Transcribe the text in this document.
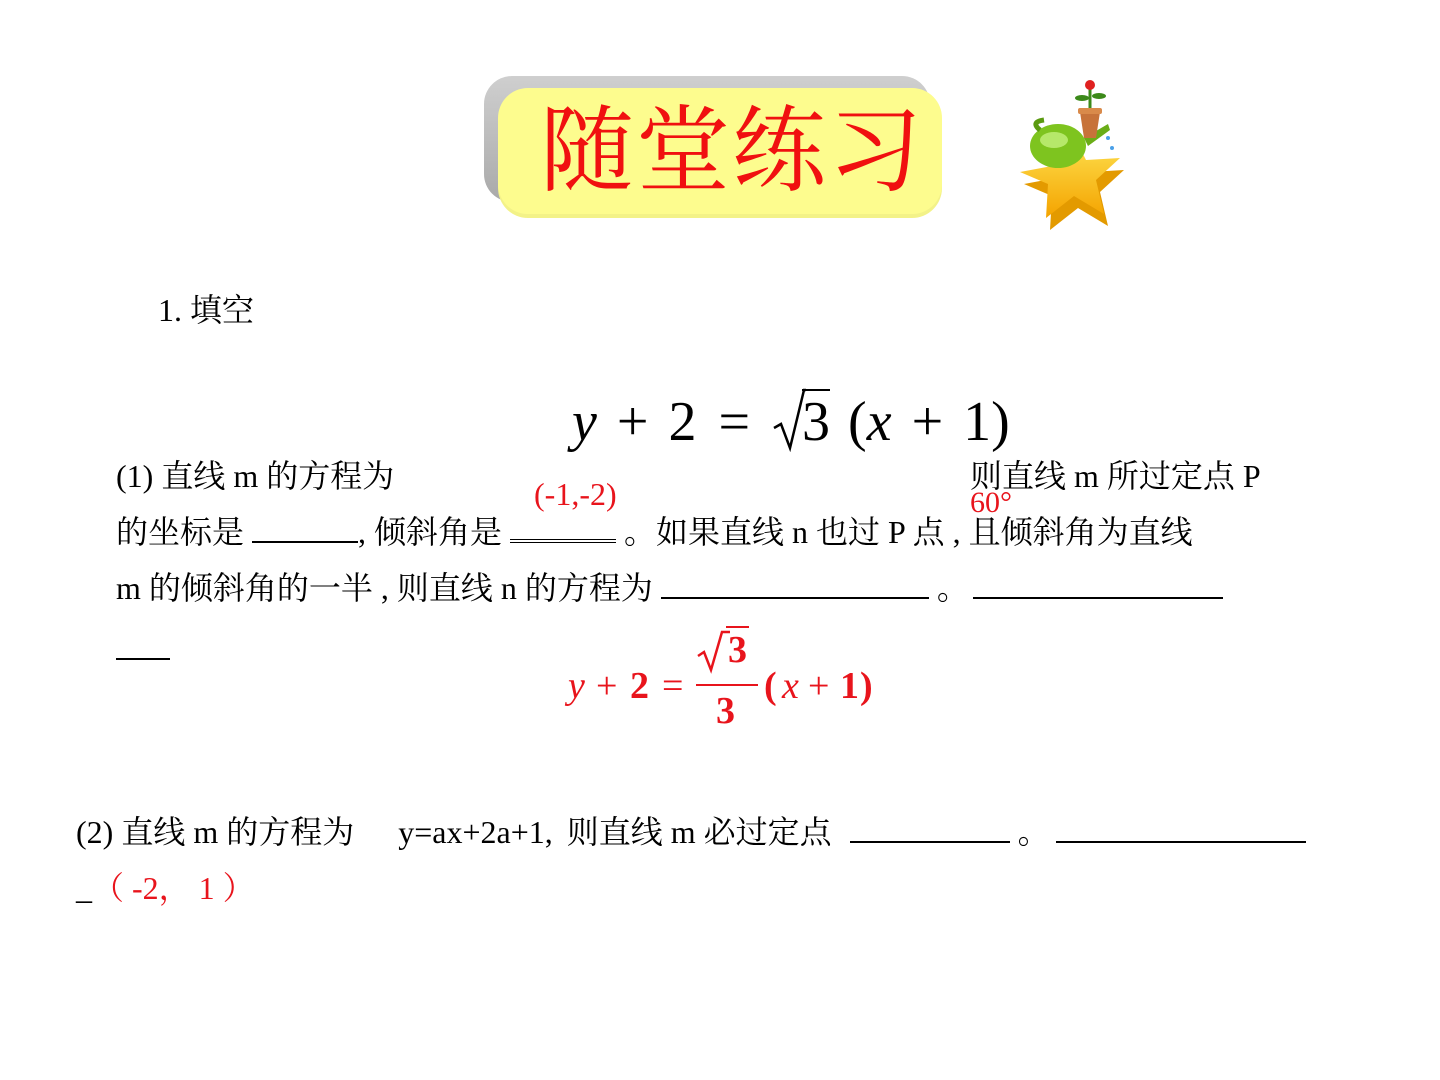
随堂练习
1. 填空
y + 2 = 3 (x + 1)
(1) 直线 m 的方程为	(-1,-2)	则直线 m 所过定点 P
60°
的坐标是	, 倾斜角是	。如果直线 n 也过 P 点 , 且倾斜角为直线
m 的倾斜角的一半 , 则直线 n 的方程为	。
y + 2 =
3
3
( x + 1 )
(2) 直线 m 的方程为 y=ax+2a+1, 则直线 m 必过定点	。
_（ -2， 1 ）
